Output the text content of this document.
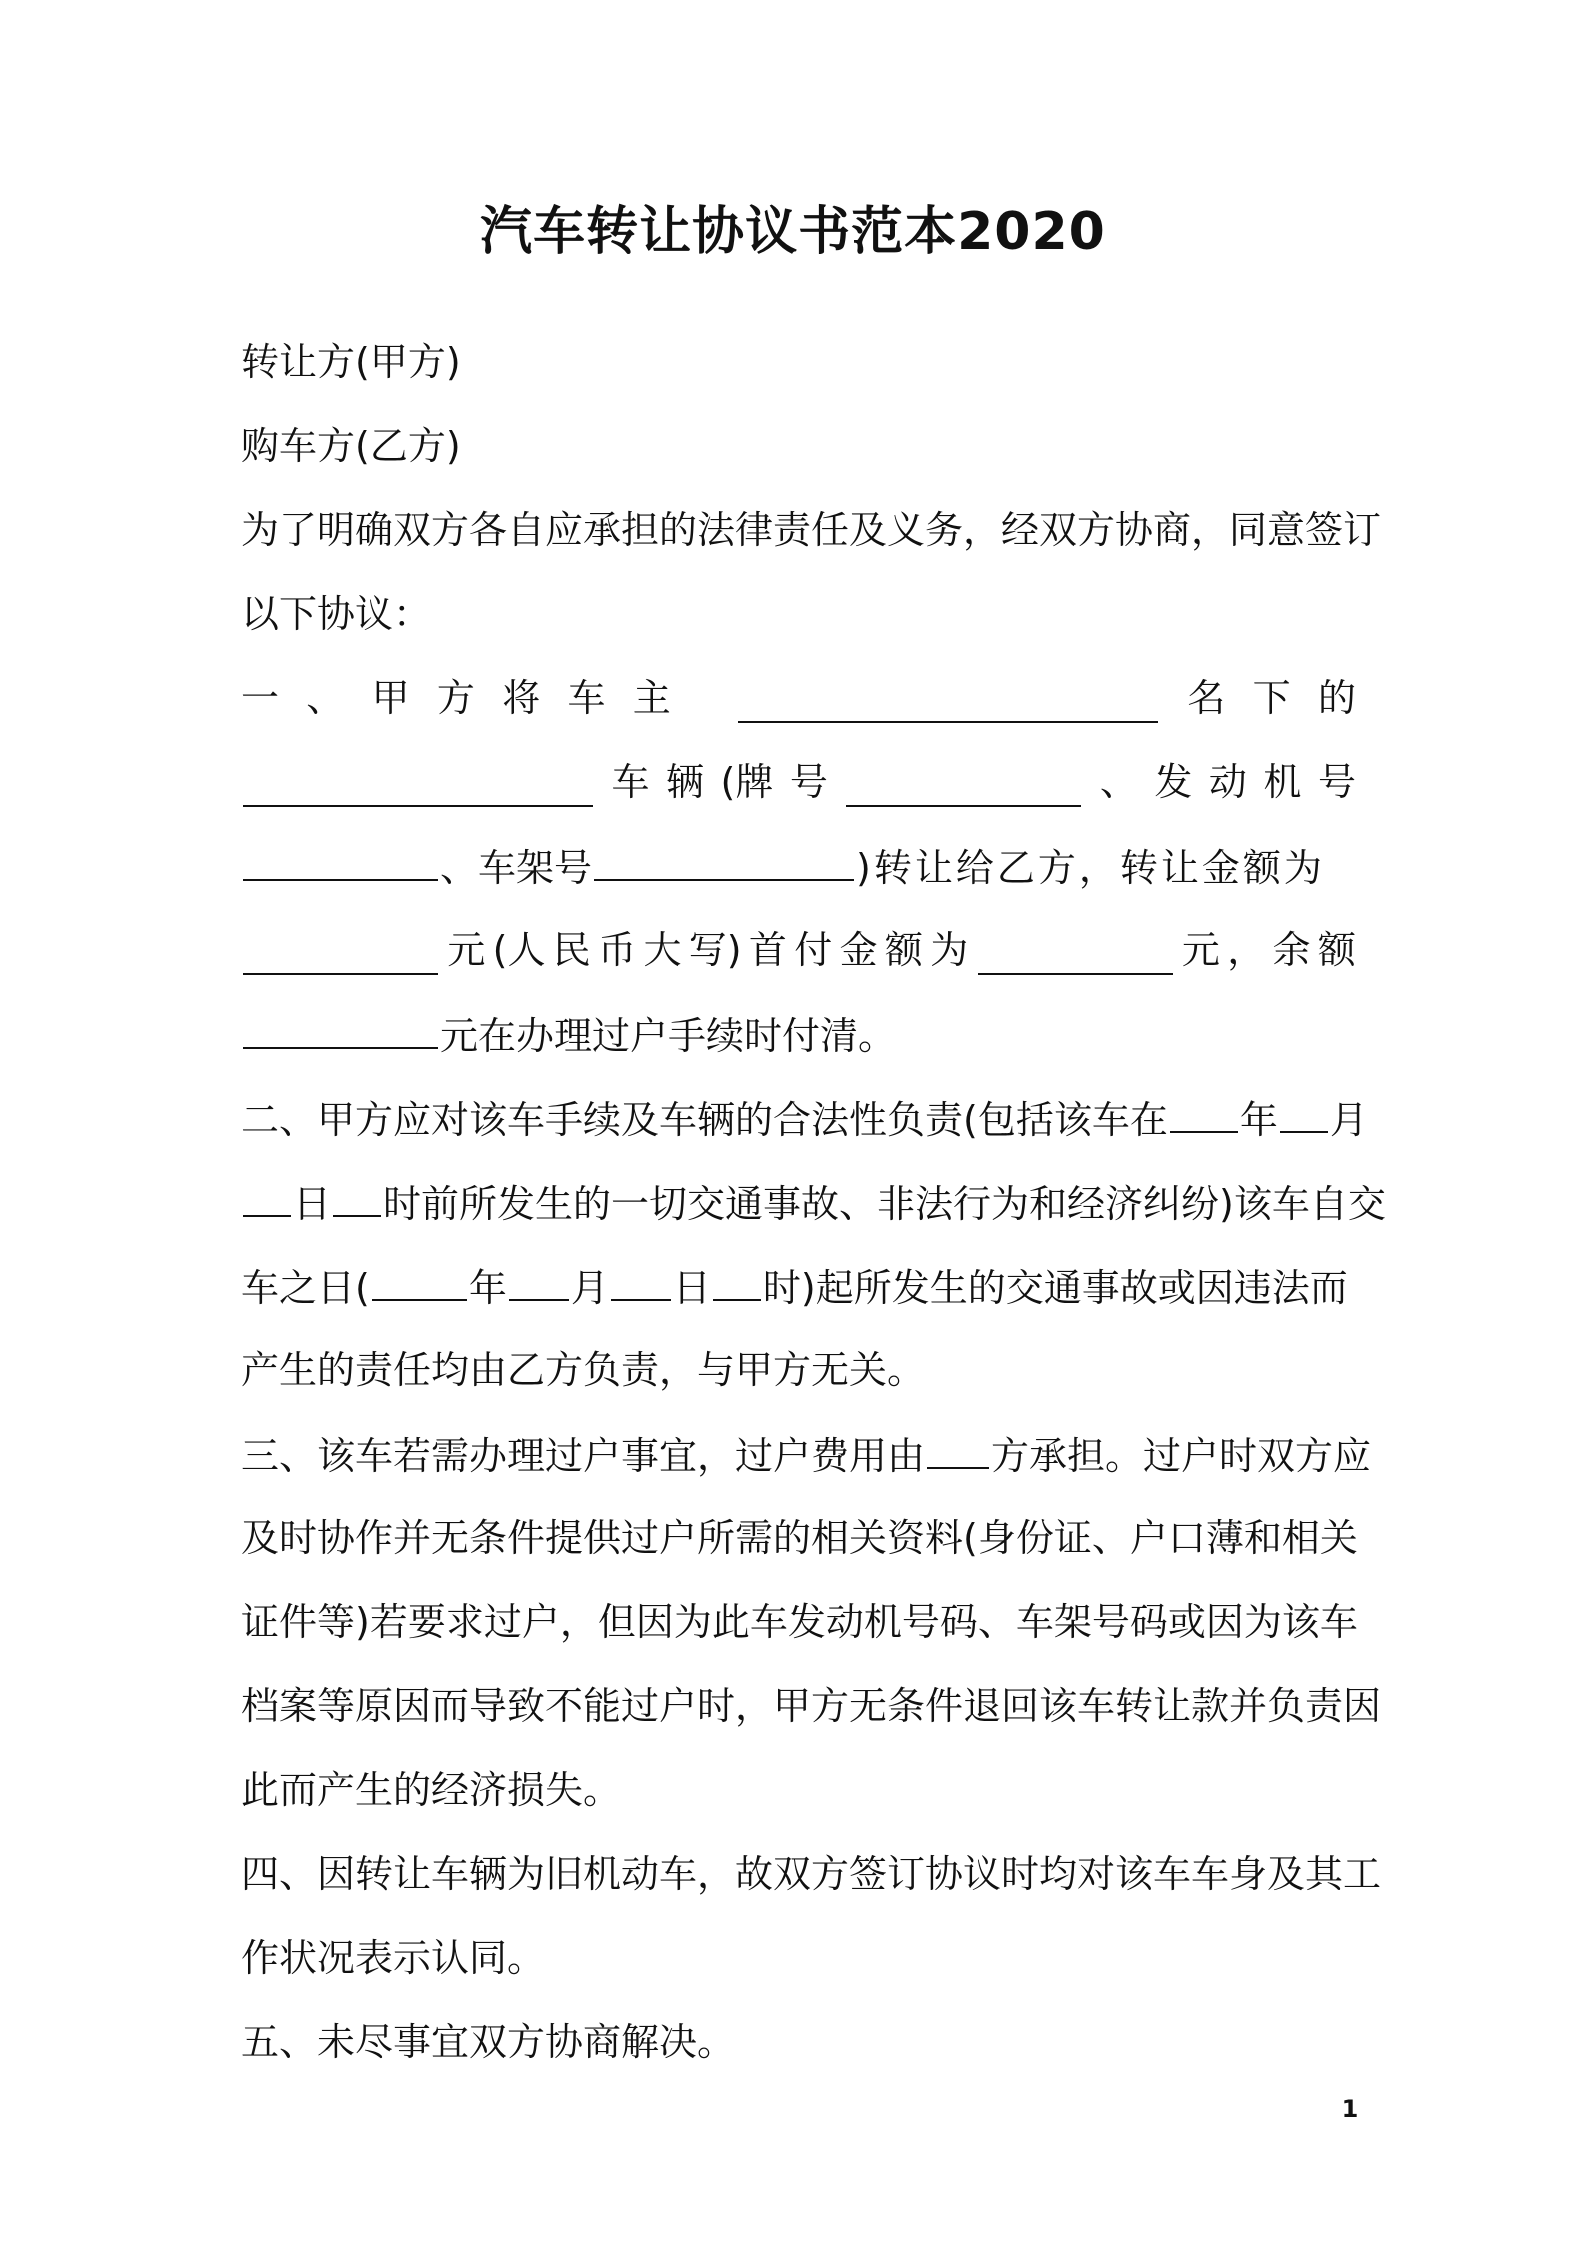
汽车转让协议书范本2020
转让方(甲方)
购车方(乙方)
为了明确双方各自应承担的法律责任及义务，经双方协商，同意签订
以下协议：
一 、 甲 方 将 车 主	名 下 的
车 辆 (牌 号	、 发 动 机 号
、车架号	)转让给乙方，转让金额为
元 (人 民 币 大 写) 首 付 金 额 为	元 ， 余 额
元在办理过户手续时付清。
二、甲方应对该车手续及车辆的合法性负责(包括该车在 年 月
日 时前所发生的一切交通事故、非法行为和经济纠纷)该车自交
车之日(	年 月 日 时)起所发生的交通事故或因违法而
产生的责任均由乙方负责，与甲方无关。
三、该车若需办理过户事宜，过户费用由 方承担。过户时双方应
及时协作并无条件提供过户所需的相关资料(身份证、户口薄和相关
证件等)若要求过户，但因为此车发动机号码、车架号码或因为该车
档案等原因而导致不能过户时，甲方无条件退回该车转让款并负责因
此而产生的经济损失。
四、因转让车辆为旧机动车，故双方签订协议时均对该车车身及其工
作状况表示认同。
五、未尽事宜双方协商解决。
1
